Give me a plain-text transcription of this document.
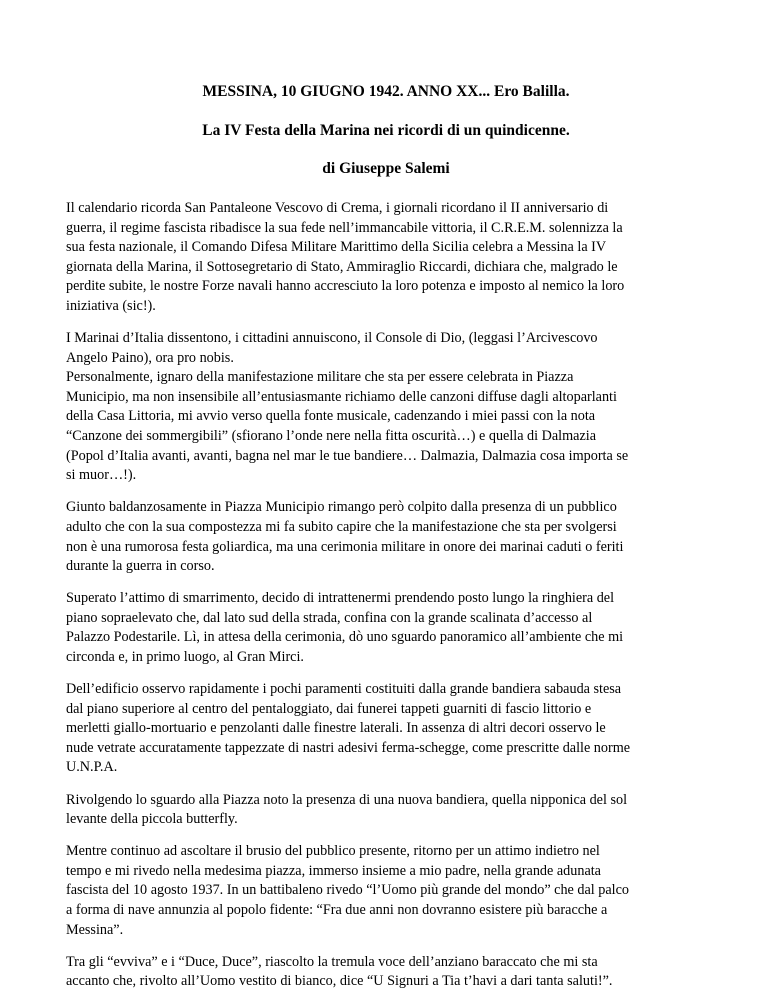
MESSINA, 10 GIUGNO 1942. ANNO XX... Ero Balilla.
La IV Festa della Marina nei ricordi di un quindicenne.
di Giuseppe Salemi

Il calendario ricorda San Pantaleone Vescovo di Crema, i giornali ricordano il II anniversario di
guerra, il regime fascista ribadisce la sua fede nell’immancabile vittoria, il C.R.E.M. solennizza la
sua festa nazionale, il Comando Difesa Militare Marittimo della Sicilia celebra a Messina la IV
giornata della Marina, il Sottosegretario di Stato, Ammiraglio Riccardi, dichiara che, malgrado le
perdite subite, le nostre Forze navali hanno accresciuto la loro potenza e imposto al nemico la loro
iniziativa (sic!).

I Marinai d’Italia dissentono, i cittadini annuiscono, il Console di Dio, (leggasi l’Arcivescovo
Angelo Paino), ora pro nobis.
Personalmente, ignaro della manifestazione militare che sta per essere celebrata in Piazza
Municipio, ma non insensibile all’entusiasmante richiamo delle canzoni diffuse dagli altoparlanti
della Casa Littoria, mi avvio verso quella fonte musicale, cadenzando i miei passi con la nota
“Canzone dei sommergibili” (sfiorano l’onde nere nella fitta oscurità…) e quella di Dalmazia
(Popol d’Italia avanti, avanti, bagna nel mar le tue bandiere… Dalmazia, Dalmazia cosa importa se
si muor…!).

Giunto baldanzosamente in Piazza Municipio rimango però colpito dalla presenza di un pubblico
adulto che con la sua compostezza mi fa subito capire che la manifestazione che sta per svolgersi
non è una rumorosa festa goliardica, ma una cerimonia militare in onore dei marinai caduti o feriti
durante la guerra in corso.

Superato l’attimo di smarrimento, decido di intrattenermi prendendo posto lungo la ringhiera del
piano sopraelevato che, dal lato sud della strada, confina con la grande scalinata d’accesso al
Palazzo Podestarile. Lì, in attesa della cerimonia, dò uno sguardo panoramico all’ambiente che mi
circonda e, in primo luogo, al Gran Mirci.

Dell’edificio osservo rapidamente i pochi paramenti costituiti dalla grande bandiera sabauda stesa
dal piano superiore al centro del pentaloggiato, dai funerei tappeti guarniti di fascio littorio e
merletti giallo-mortuario e penzolanti dalle finestre laterali. In assenza di altri decori osservo le
nude vetrate accuratamente tappezzate di nastri adesivi ferma-schegge, come prescritte dalle norme
U.N.P.A.

Rivolgendo lo sguardo alla Piazza noto la presenza di una nuova bandiera, quella nipponica del sol
levante della piccola butterfly.

Mentre continuo ad ascoltare il brusio del pubblico presente, ritorno per un attimo indietro nel
tempo e mi rivedo nella medesima piazza, immerso insieme a mio padre, nella grande adunata
fascista del 10 agosto 1937. In un battibaleno rivedo “l’Uomo più grande del mondo” che dal palco
a forma di nave annunzia al popolo fidente: “Fra due anni non dovranno esistere più baracche a
Messina”.

Tra gli “evviva” e i “Duce, Duce”, riascolto la tremula voce dell’anziano baraccato che mi sta
accanto che, rivolto all’Uomo vestito di bianco, dice “U Signuri a Tia t’havi a dari tanta saluti!”.
